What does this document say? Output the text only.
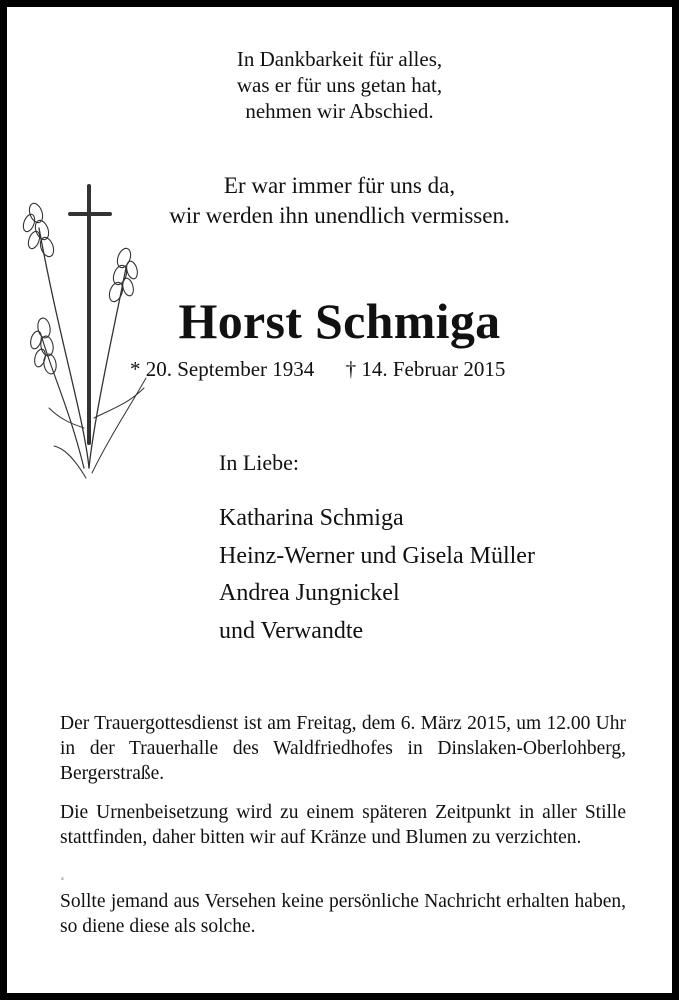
In Dankbarkeit für alles,
was er für uns getan hat,
nehmen wir Abschied.
Er war immer für uns da,
wir werden ihn unendlich vermissen.
Horst Schmiga
* 20. September 1934 † 14. Februar 2015
In Liebe:
Katharina Schmiga
Heinz-Werner und Gisela Müller
Andrea Jungnickel
und Verwandte
Der Trauergottesdienst ist am Freitag, dem 6. März 2015, um 12.00 Uhr in der Trauerhalle des Waldfriedhofes in Dinslaken-Oberlohberg, Bergerstraße.
Die Urnenbeisetzung wird zu einem späteren Zeitpunkt in aller Stille stattfinden, daher bitten wir auf Kränze und Blumen zu verzichten.
a
Sollte jemand aus Versehen keine persönliche Nachricht erhalten haben, so diene diese als solche.
